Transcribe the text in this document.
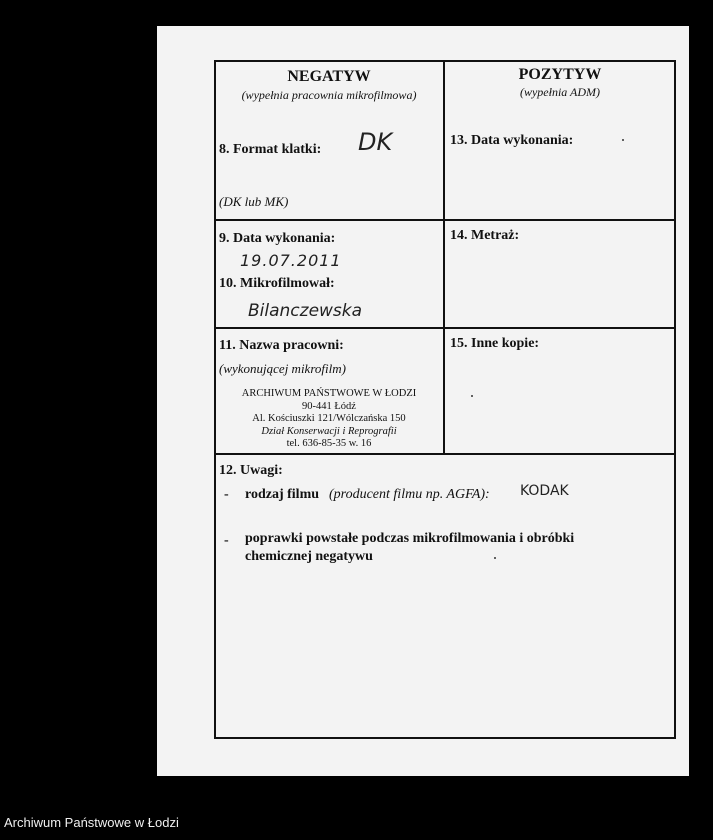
NEGATYW
(wypełnia pracownia mikrofilmowa)
POZYTYW
(wypełnia ADM)
8. Format klatki: DK
(DK lub MK)
13. Data wykonania:
9. Data wykonania:
19.07.2011
10. Mikrofilmował:
Bilanczewska
14. Metraż:
11. Nazwa pracowni:
(wykonującej mikrofilm)
ARCHIWUM PAŃSTWOWE W ŁODZI
90-441 Łódź
Al. Kościuszki 121/Wólczańska 150
Dział Konserwacji i Reprografii
tel. 636-85-35 w. 16
15. Inne kopie:
12. Uwagi:
- rodzaj filmu (producent filmu np. AGFA): KODAK
- poprawki powstałe podczas mikrofilmowania i obróbki
chemicznej negatywu
Archiwum Państwowe w Łodzi
